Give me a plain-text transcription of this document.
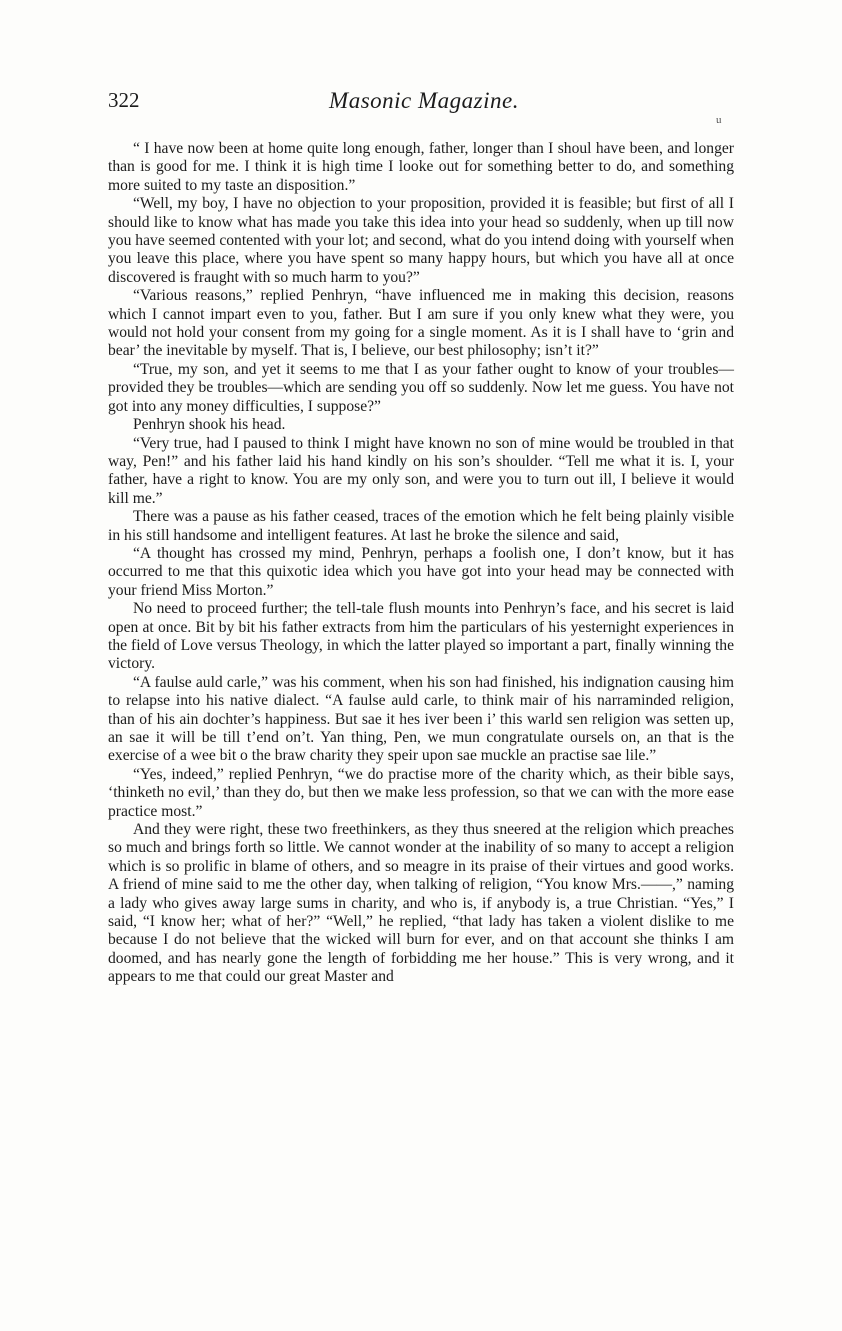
322	Masonic Magazine.
u

“ I have now been at home quite long enough, father, longer than I shoul have been, and longer than is good for me. I think it is high time I looke out for something better to do, and something more suited to my taste an disposition.”

“Well, my boy, I have no objection to your proposition, provided it is feasible; but first of all I should like to know what has made you take this idea into your head so suddenly, when up till now you have seemed contented with your lot; and second, what do you intend doing with yourself when you leave this place, where you have spent so many happy hours, but which you have all at once discovered is fraught with so much harm to you?”

“Various reasons,” replied Penhryn, “have influenced me in making this decision, reasons which I cannot impart even to you, father. But I am sure if you only knew what they were, you would not hold your consent from my going for a single moment. As it is I shall have to ‘grin and bear’ the inevitable by myself. That is, I believe, our best philosophy; isn’t it?”

“True, my son, and yet it seems to me that I as your father ought to know of your troubles—provided they be troubles—which are sending you off so suddenly. Now let me guess. You have not got into any money difficulties, I suppose?”

Penhryn shook his head.

“Very true, had I paused to think I might have known no son of mine would be troubled in that way, Pen!” and his father laid his hand kindly on his son’s shoulder. “Tell me what it is. I, your father, have a right to know. You are my only son, and were you to turn out ill, I believe it would kill me.”

There was a pause as his father ceased, traces of the emotion which he felt being plainly visible in his still handsome and intelligent features. At last he broke the silence and said,

“A thought has crossed my mind, Penhryn, perhaps a foolish one, I don’t know, but it has occurred to me that this quixotic idea which you have got into your head may be connected with your friend Miss Morton.”

No need to proceed further; the tell-tale flush mounts into Penhryn’s face, and his secret is laid open at once. Bit by bit his father extracts from him the particulars of his yesternight experiences in the field of Love versus Theology, in which the latter played so important a part, finally winning the victory.

“A faulse auld carle,” was his comment, when his son had finished, his indignation causing him to relapse into his native dialect. “A faulse auld carle, to think mair of his narraminded religion, than of his ain dochter’s happiness. But sae it hes iver been i’ this warld sen religion was setten up, an sae it will be till t’end on’t. Yan thing, Pen, we mun congratulate oursels on, an that is the exercise of a wee bit o the braw charity they speir upon sae muckle an practise sae lile.”

“Yes, indeed,” replied Penhryn, “we do practise more of the charity which, as their bible says, ‘thinketh no evil,’ than they do, but then we make less profession, so that we can with the more ease practice most.”

And they were right, these two freethinkers, as they thus sneered at the religion which preaches so much and brings forth so little. We cannot wonder at the inability of so many to accept a religion which is so prolific in blame of others, and so meagre in its praise of their virtues and good works. A friend of mine said to me the other day, when talking of religion, “You know Mrs.——,” naming a lady who gives away large sums in charity, and who is, if anybody is, a true Christian. “Yes,” I said, “I know her; what of her?” “Well,” he replied, “that lady has taken a violent dislike to me because I do not believe that the wicked will burn for ever, and on that account she thinks I am doomed, and has nearly gone the length of forbidding me her house.” This is very wrong, and it appears to me that could our great Master and
